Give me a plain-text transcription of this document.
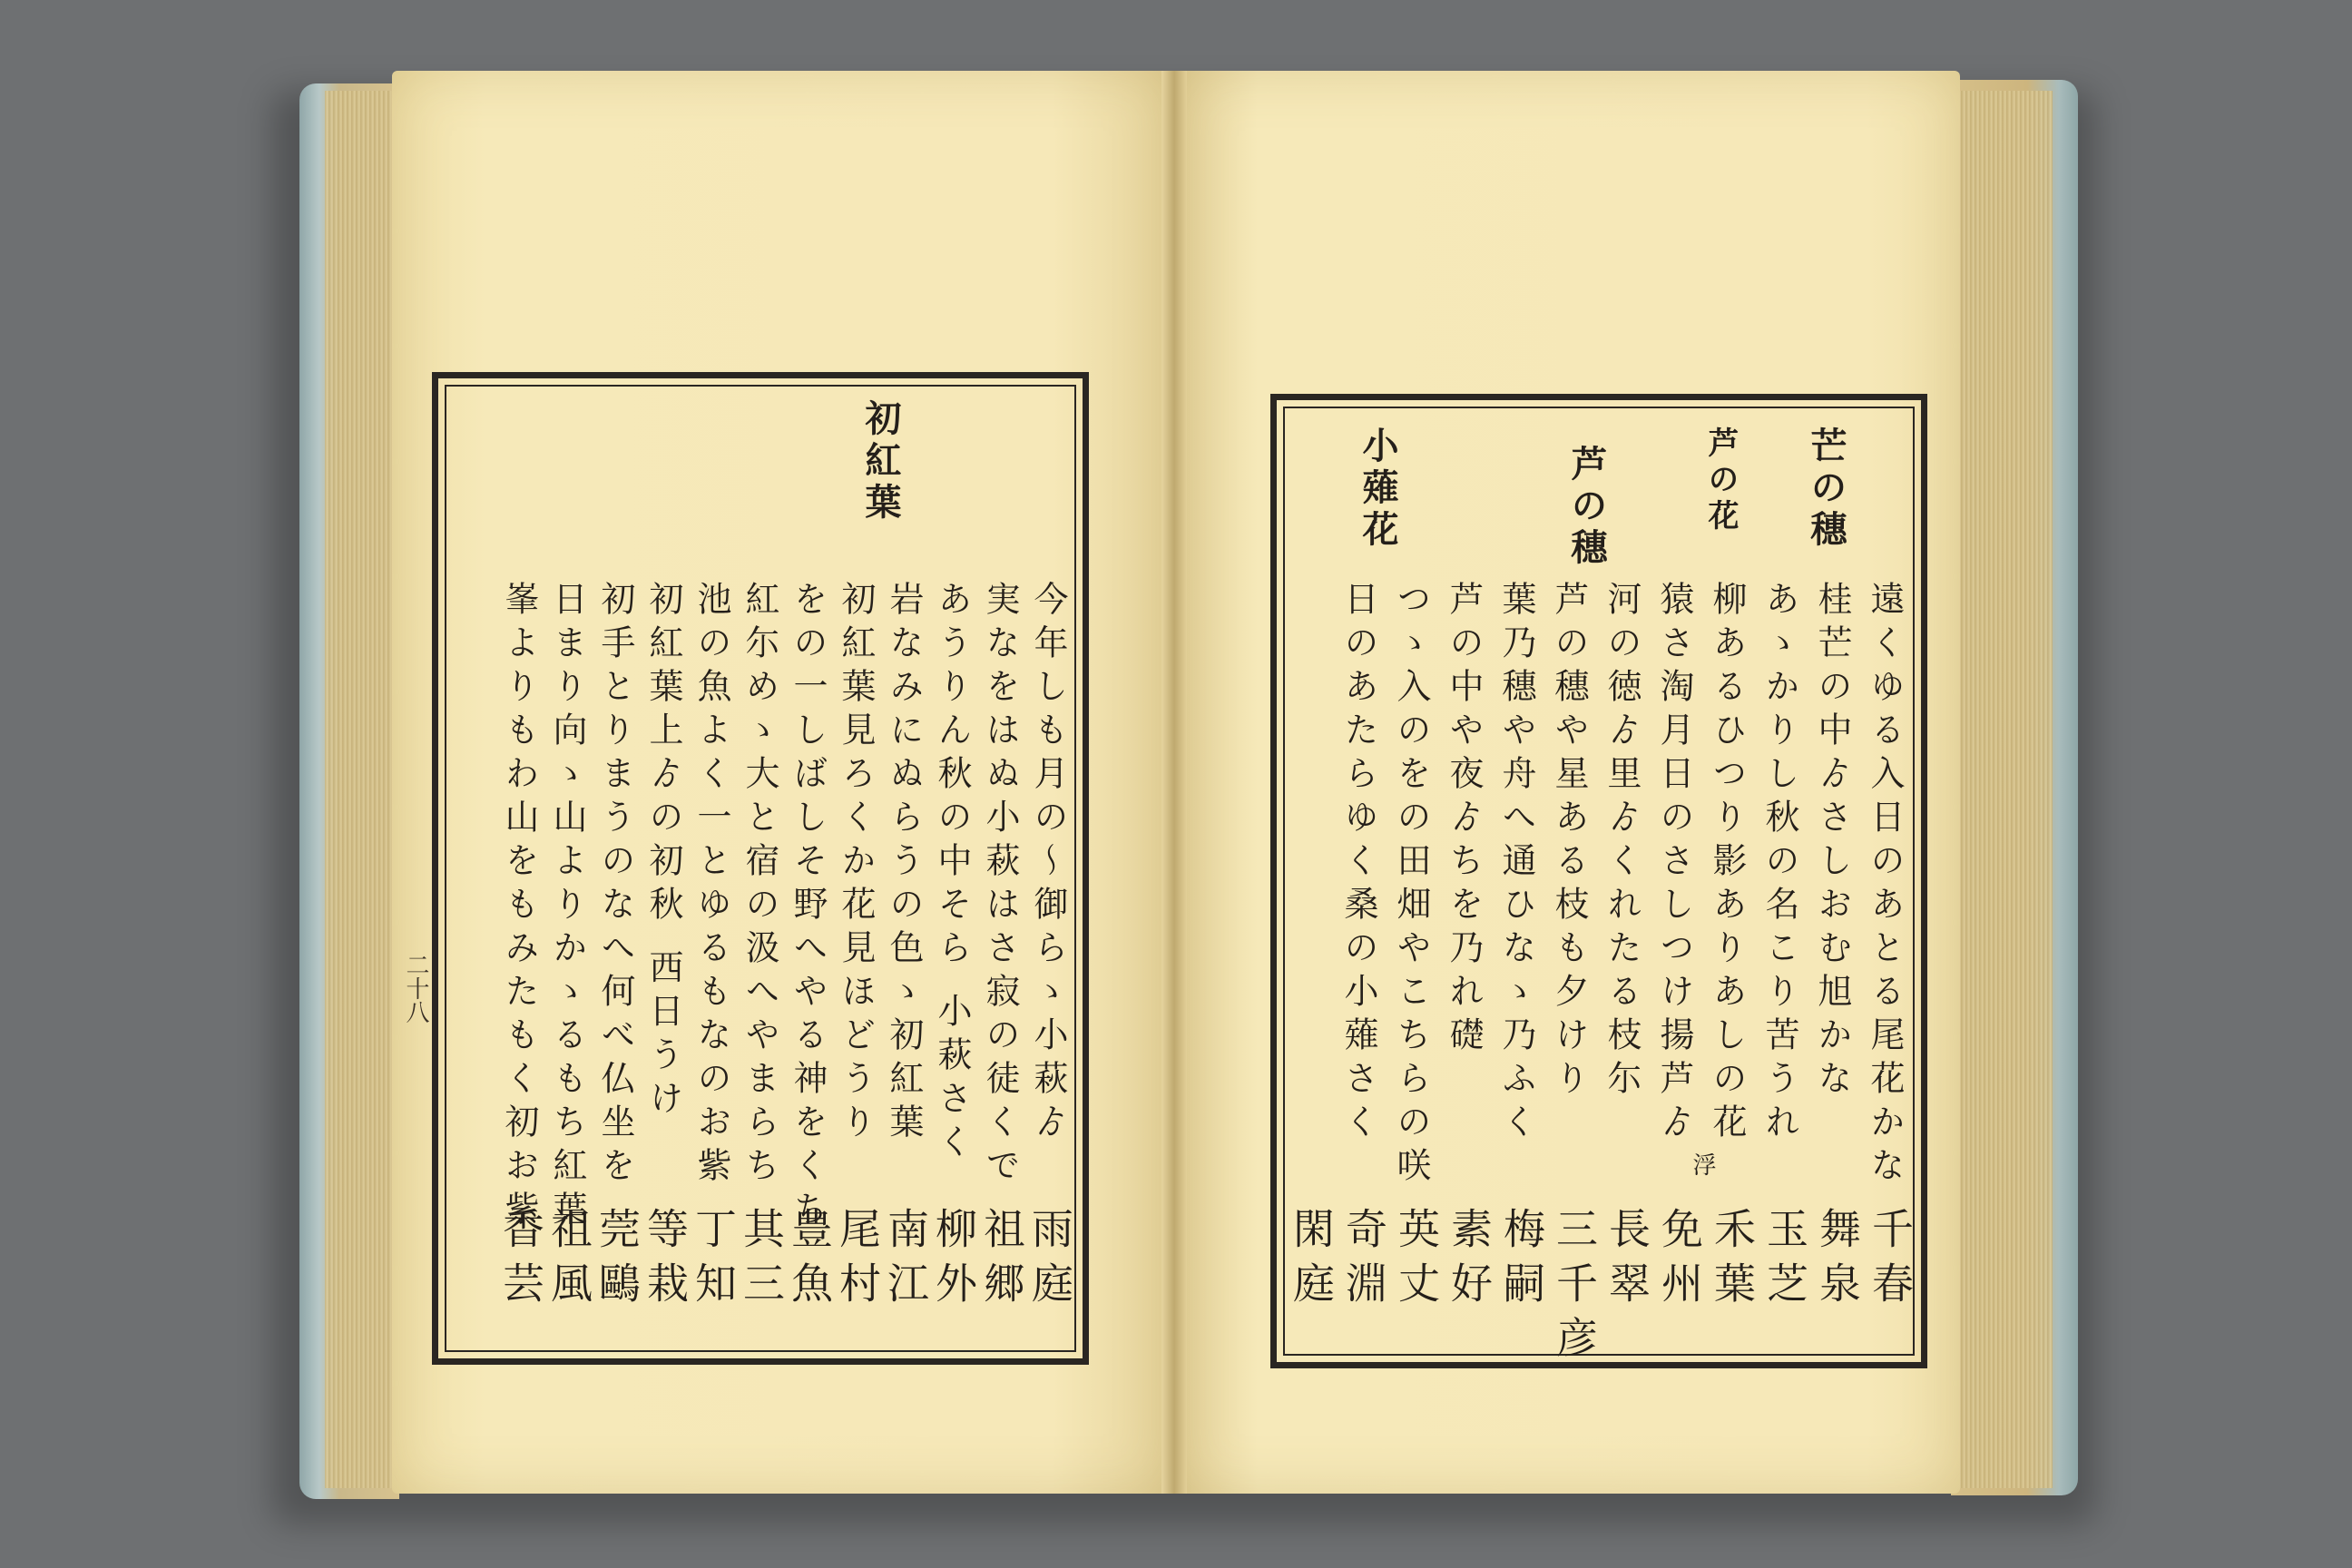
二十八
初紅葉
今年しも月の〜御らゝ小萩ゟ
実なをはぬ小萩はさ寂の徒くで
あうりん秋の中そら 小萩さく
岩なみにぬらうの色ゝ初紅葉
初紅葉見ろくか花見ほどうり
をの一しばしそ野へやる神をくち
紅尓めゝ大と宿の汲へやまらち
池の魚よく一とゆるもなのお紫
初紅葉上ゟの初秋 西日うけ
初手とりまうのなへ何べ仏坐を
日まり向ゝ山よりかゝるもち紅葉
峯よりもわ山をもみたもく初お紫
雨庭
祖郷
柳外
南江
尾村
豊魚
其三
丁知
等栽
莞鷗
祖風
香芸
芒の穗
芦の花
芦の穗
小薙花
遠くゆる入日のあとる尾花かな
桂芒の中ゟさしおむ旭かな
あゝかりし秋の名こり苦うれ
柳あるひつり影ありあしの花
猿さ淘月日のさしつけ揚芦ゟ
河の徳ゟ里ゟくれたる枝尓
芦の穗や星ある枝も夕けり
葉乃穗や舟へ通ひなゝ乃ふく
芦の中や夜ゟちを乃れ礎
つゝ入のをの田畑やこちらの咲
日のあたらゆく桑の小薙さく
浮
千春
舞泉
玉芝
禾葉
免州
長翠
三千彦
梅嗣
素好
英丈
奇淵
閑庭
